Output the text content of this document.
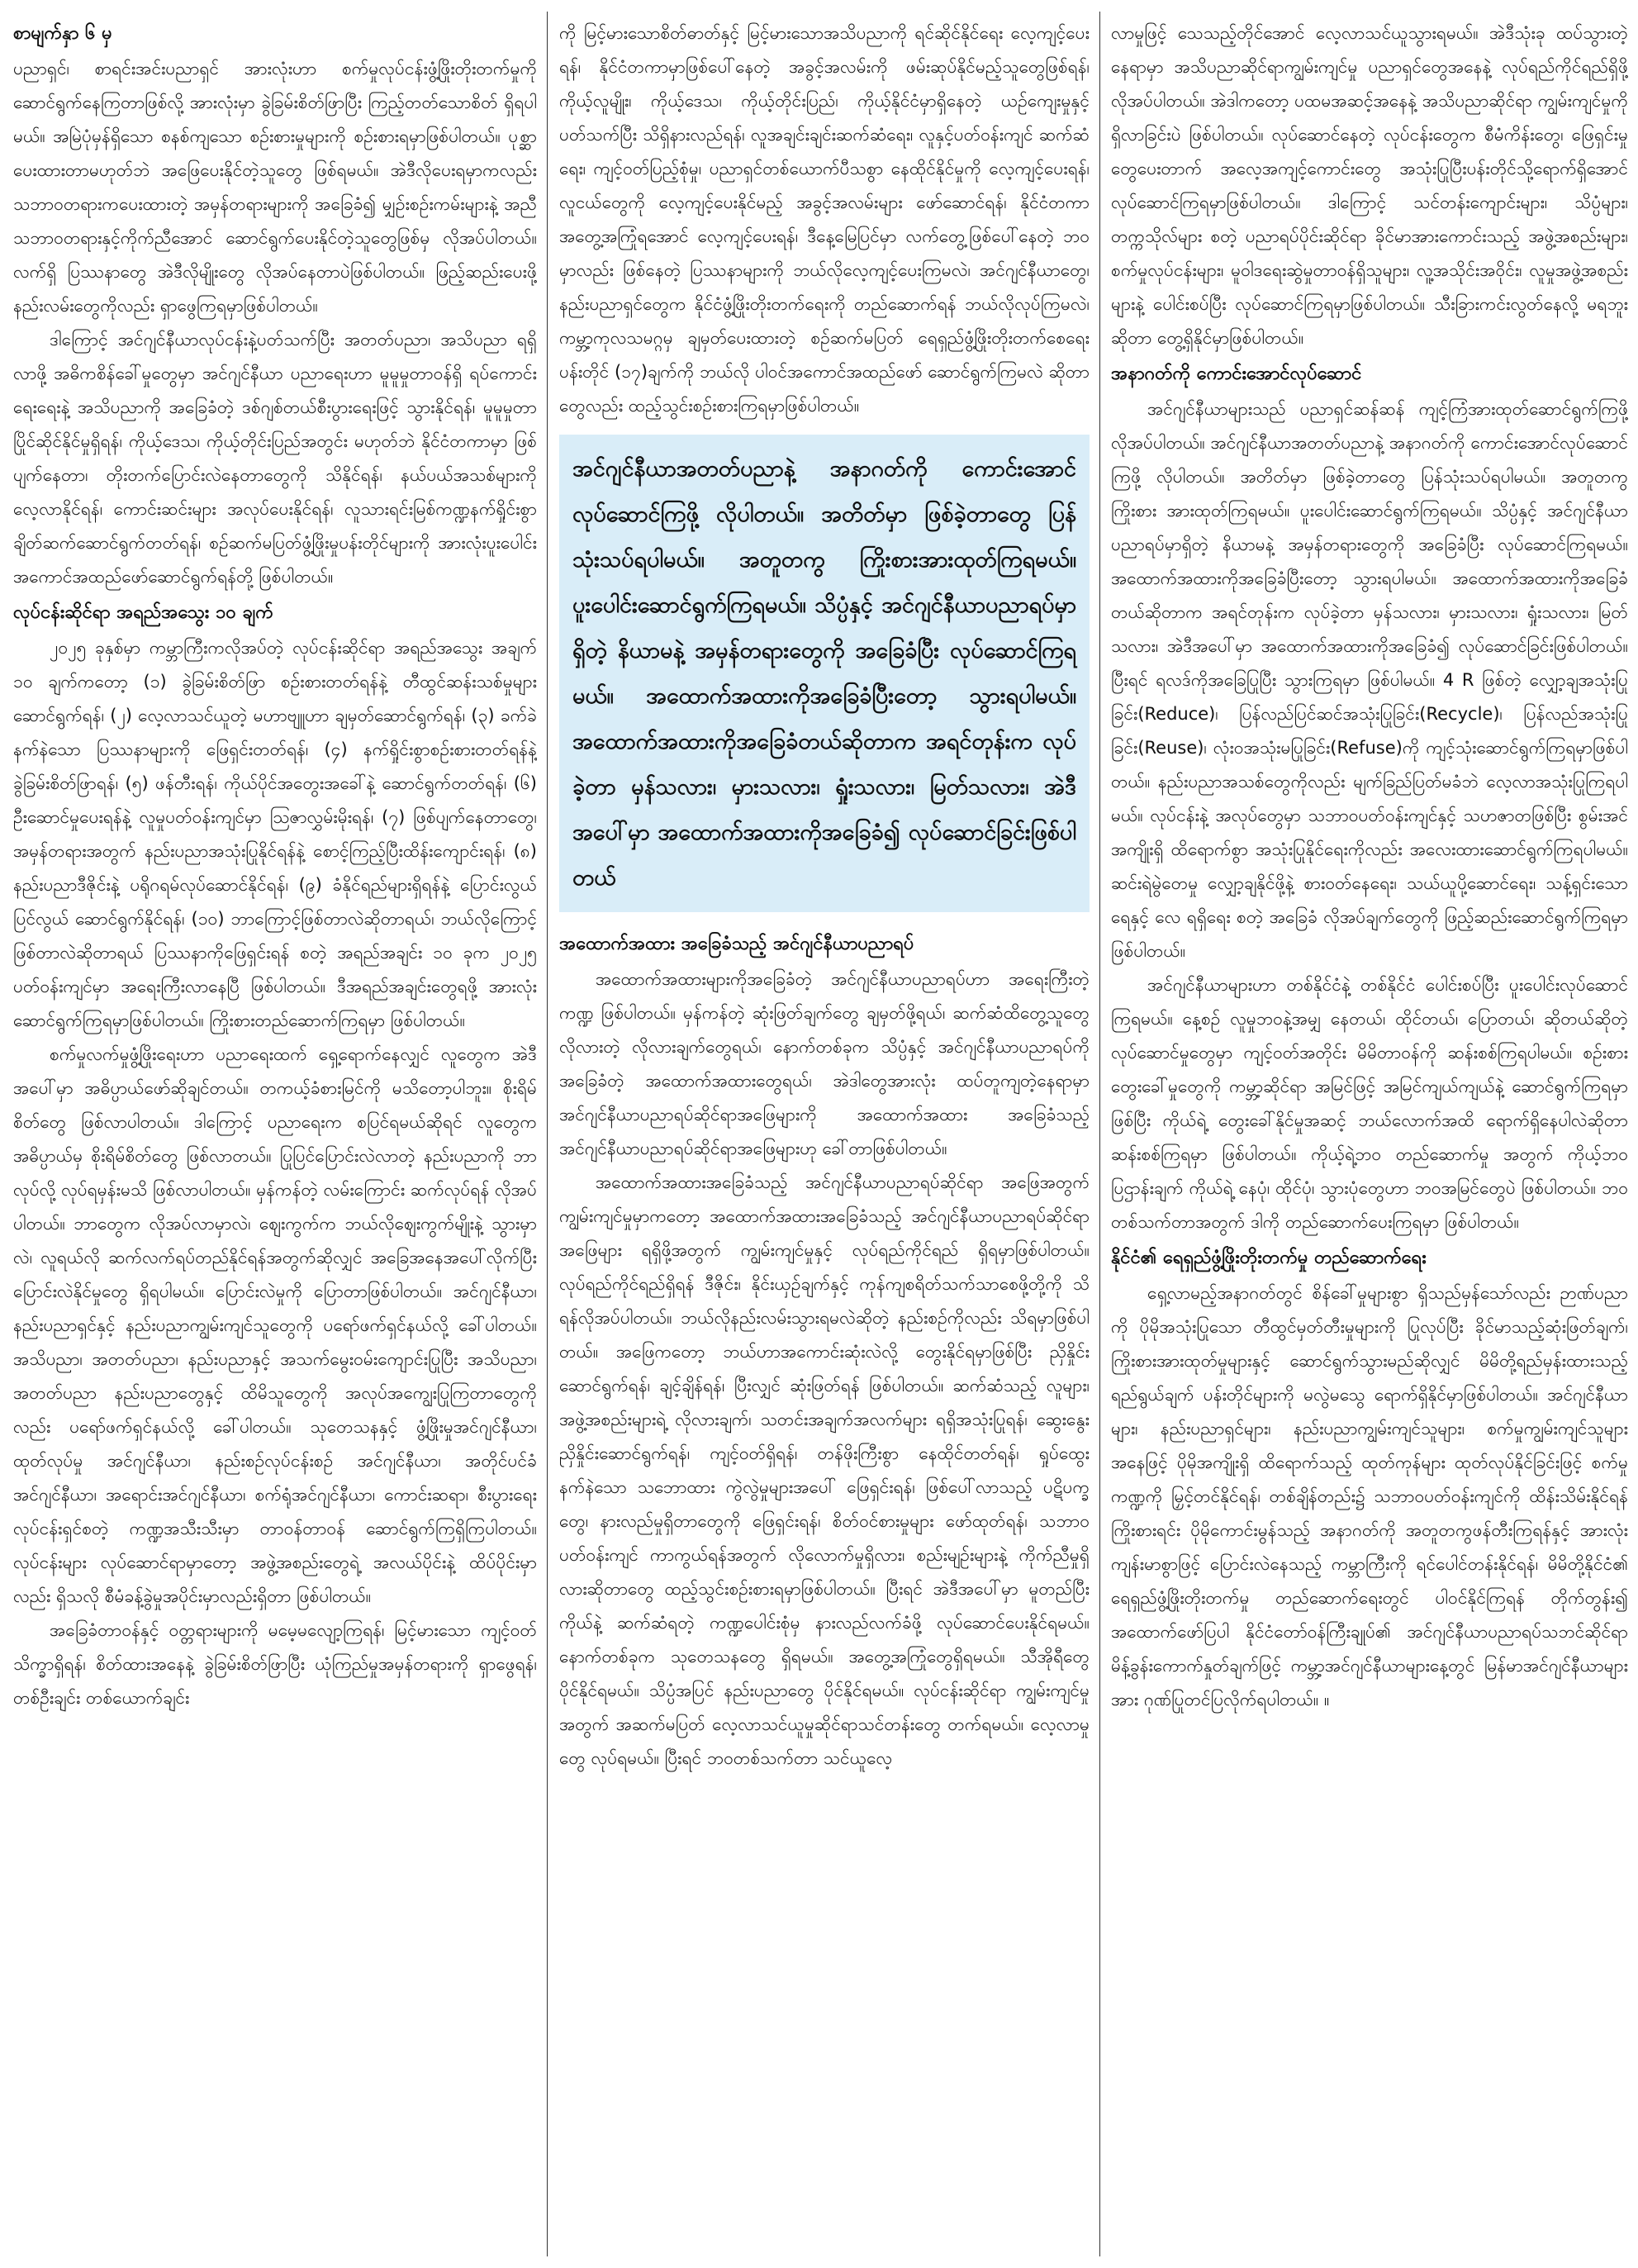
စာမျက်နှာ ၆ မှ

ပညာရှင်၊ စာရင်းအင်းပညာရှင် အားလုံးဟာ စက်မှုလုပ်ငန်းဖွံ့ဖြိုးတိုးတက်မှုကို ဆောင်ရွက်နေကြတာဖြစ်လို့ အားလုံးမှာ ခွဲခြမ်းစိတ်ဖြာပြီး ကြည့်တတ်သောစိတ် ရှိရပါမယ်။ အမြဲပုံမှန်ရှိသော စနစ်ကျသော စဉ်းစားမှုများကို စဉ်းစားရမှာဖြစ်ပါတယ်။ ပုစ္ဆာပေးထားတာမဟုတ်ဘဲ အဖြေပေးနိုင်တဲ့သူတွေ ဖြစ်ရမယ်။ အဲဒီလိုပေးရမှာကလည်း သဘာဝတရားကပေးထားတဲ့ အမှန်တရားများကို အခြေခံ၍ မျှဉ်းစဉ်းကမ်းများနဲ့ အညီ သဘာဝတရားနှင့်ကိုက်ညီအောင် ဆောင်ရွက်ပေးနိုင်တဲ့သူတွေဖြစ်မှ လိုအပ်ပါတယ်။ လက်ရှိ ပြဿနာတွေ အဲဒီလိုမျိုးတွေ လိုအပ်နေတာပဲဖြစ်ပါတယ်။ ဖြည့်ဆည်းပေးဖို့ နည်းလမ်းတွေကိုလည်း ရှာဖွေကြရမှာဖြစ်ပါတယ်။

ဒါကြောင့် အင်ဂျင်နီယာလုပ်ငန်းနဲ့ပတ်သက်ပြီး အတတ်ပညာ၊ အသိပညာ ရရှိလာဖို့ အဓိကစိန်ခေါ်မှုတွေမှာ အင်ဂျင်နီယာ ပညာရေးဟာ မူမူမှုတာဝန်ရှိ ရပ်ကောင်းရေးရေးနဲ့ အသိပညာကို အခြေခံတဲ့ ဒစ်ဂျစ်တယ်စီးပွားရေးဖြင့် သွားနိုင်ရန်၊ မူမူမှုတာ ပြိုင်ဆိုင်နိုင်မှုရှိရန်၊ ကိုယ့်ဒေသ၊ ကိုယ့်တိုင်းပြည်အတွင်း မဟုတ်ဘဲ နိုင်ငံတကာမှာ ဖြစ်ပျက်နေတာ၊ တိုးတက်ပြောင်းလဲနေတာတွေကို သိနိုင်ရန်၊ နယ်ပယ်အသစ်များကို လေ့လာနိုင်ရန်၊ ကောင်းဆင်းများ အလုပ်ပေးနိုင်ရန်၊ လူသားရင်းမြစ်ကဏ္ဍနက်ရှိုင်းစွာ ချိတ်ဆက်ဆောင်ရွက်တတ်ရန်၊ စဉ်ဆက်မပြတ်ဖွံ့ဖြိုးမှုပန်းတိုင်များကို အားလုံးပူးပေါင်း အကောင်အထည်ဖော်ဆောင်ရွက်ရန်တို့ ဖြစ်ပါတယ်။

လုပ်ငန်းဆိုင်ရာ အရည်အသွေး ၁၀ ချက်

၂၀၂၅ ခုနှစ်မှာ ကမ္ဘာကြီးကလိုအပ်တဲ့ လုပ်ငန်းဆိုင်ရာ အရည်အသွေး အချက် ၁၀ ချက်ကတော့ (၁) ခွဲခြမ်းစိတ်ဖြာ စဉ်းစားတတ်ရန်နဲ့ တီထွင်ဆန်းသစ်မှုများ ဆောင်ရွက်ရန်၊ (၂) လေ့လာသင်ယူတဲ့ မဟာဗျူဟာ ချမှတ်ဆောင်ရွက်ရန်၊ (၃) ခက်ခဲနက်နဲသော ပြဿနာများကို ဖြေရှင်းတတ်ရန်၊ (၄) နက်ရှိုင်းစွာစဉ်းစားတတ်ရန်နဲ့ ခွဲခြမ်းစိတ်ဖြာရန်၊ (၅) ဖန်တီးရန်၊ ကိုယ်ပိုင်အတွေးအခေါ်နဲ့ ဆောင်ရွက်တတ်ရန်၊ (၆) ဦးဆောင်မှုပေးရန်နဲ့ လူမှုပတ်ဝန်းကျင်မှာ သြဇာလွှမ်းမိုးရန်၊ (၇) ဖြစ်ပျက်နေတာတွေ၊ အမှန်တရားအတွက် နည်းပညာအသုံးပြုနိုင်ရန်နဲ့ စောင့်ကြည့်ပြီးထိန်းကျောင်းရန်၊ (၈) နည်းပညာဒီဇိုင်းနဲ့ ပရိုဂရမ်လုပ်ဆောင်နိုင်ရန်၊ (၉) ခံနိုင်ရည်များရှိရန်နဲ့ ပြောင်းလွယ်ပြင်လွယ် ဆောင်ရွက်နိုင်ရန်၊ (၁၀) ဘာကြောင့်ဖြစ်တာလဲဆိုတာရယ်၊ ဘယ်လိုကြောင့်ဖြစ်တာလဲဆိုတာရယ် ပြဿနာကိုဖြေရှင်းရန် စတဲ့ အရည်အချင်း ၁၀ ခုက ၂၀၂၅ ပတ်ဝန်းကျင်မှာ အရေးကြီးလာနေပြီ ဖြစ်ပါတယ်။ ဒီအရည်အချင်းတွေရဖို့ အားလုံး ဆောင်ရွက်ကြရမှာဖြစ်ပါတယ်။ ကြိုးစားတည်ဆောက်ကြရမှာ ဖြစ်ပါတယ်။

စက်မှုလက်မှုဖွံ့ဖြိုးရေးဟာ ပညာရေးထက် ရှေ့ရောက်နေလျှင် လူတွေက အဲဒီအပေါ်မှာ အဓိပ္ပာယ်ဖော်ဆိုချင်တယ်။ တကယ့်ခံစားမြင်ကို မသိတော့ပါဘူး။ စိုးရိမ်စိတ်တွေ ဖြစ်လာပါတယ်။ ဒါကြောင့် ပညာရေးက စပြင်ရမယ်ဆိုရင် လူတွေက အဓိပ္ပာယ်မှ စိုးရိမ်စိတ်တွေ ဖြစ်လာတယ်။ ပြုပြင်ပြောင်းလဲလာတဲ့ နည်းပညာကို ဘာလုပ်လို့ လုပ်ရမှန်းမသိ ဖြစ်လာပါတယ်။ မှန်ကန်တဲ့ လမ်းကြောင်း ဆက်လုပ်ရန် လိုအပ်ပါတယ်။ ဘာတွေက လိုအပ်လာမှာလဲ၊ ဈေးကွက်က ဘယ်လိုဈေးကွက်မျိုးနဲ့ သွားမှာလဲ၊ လူရယ်လို ဆက်လက်ရပ်တည်နိုင်ရန်အတွက်ဆိုလျှင် အခြေအနေအပေါ်လိုက်ပြီး ပြောင်းလဲနိုင်မှုတွေ ရှိရပါမယ်။ ပြောင်းလဲမှုကို ပြောတာဖြစ်ပါတယ်။ အင်ဂျင်နီယာ၊ နည်းပညာရှင်နှင့် နည်းပညာကျွမ်းကျင်သူတွေကို ပရော်ဖက်ရှင်နယ်လို့ ခေါ်ပါတယ်။ အသိပညာ၊ အတတ်ပညာ၊ နည်းပညာနှင့် အသက်မွေးဝမ်းကျောင်းပြုပြီး အသိပညာ၊ အတတ်ပညာ နည်းပညာတွေနှင့် ထိမိသူတွေကို အလုပ်အကျွေးပြုကြတာတွေကိုလည်း ပရော်ဖက်ရှင်နယ်လို့ ခေါ်ပါတယ်။ သုတေသနနှင့် ဖွံ့ဖြိုးမှုအင်ဂျင်နီယာ၊ ထုတ်လုပ်မှု အင်ဂျင်နီယာ၊ နည်းစဉ်လုပ်ငန်းစဉ် အင်ဂျင်နီယာ၊ အတိုင်ပင်ခံ အင်ဂျင်နီယာ၊ အရောင်းအင်ဂျင်နီယာ၊ စက်ရုံအင်ဂျင်နီယာ၊ ကောင်းဆရာ၊ စီးပွားရေးလုပ်ငန်းရှင်စတဲ့ ကဏ္ဍအသီးသီးမှာ တာဝန်တာဝန် ဆောင်ရွက်ကြရှိကြပါတယ်။ လုပ်ငန်းများ လုပ်ဆောင်ရာမှာတော့ အဖွဲ့အစည်းတွေရဲ့ အလယ်ပိုင်းနဲ့ ထိပ်ပိုင်းမှာလည်း ရှိသလို စီမံခန့်ခွဲမှုအပိုင်းမှာလည်းရှိတာ ဖြစ်ပါတယ်။

အခြေခံတာဝန်နှင့် ဝတ္တရားများကို မမေ့မလျော့ကြရန်၊ မြင့်မားသော ကျင့်ဝတ်သိက္ခာရှိရန်၊ စိတ်ထားအနေနဲ့ ခွဲခြမ်းစိတ်ဖြာပြီး ယုံကြည်မှုအမှန်တရားကို ရှာဖွေရန်၊ တစ်ဦးချင်း တစ်ယောက်ချင်း

ကို မြင့်မားသောစိတ်ဓာတ်နှင့် မြင့်မားသောအသိပညာကို ရင်ဆိုင်နိုင်ရေး လေ့ကျင့်ပေးရန်၊ နိုင်ငံတကာမှာဖြစ်ပေါ်နေတဲ့ အခွင့်အလမ်းကို ဖမ်းဆုပ်နိုင်မည့်သူတွေဖြစ်ရန်၊ ကိုယ့်လူမျိုး၊ ကိုယ့်ဒေသ၊ ကိုယ့်တိုင်းပြည်၊ ကိုယ့်နိုင်ငံမှာရှိနေတဲ့ ယဉ်ကျေးမှုနှင့် ပတ်သက်ပြီး သိရှိနားလည်ရန်၊ လူအချင်းချင်းဆက်ဆံရေး၊ လူနှင့်ပတ်ဝန်းကျင် ဆက်ဆံရေး၊ ကျင့်ဝတ်ပြည့်စုံမှု၊ ပညာရှင်တစ်ယောက်ပီသစွာ နေထိုင်နိုင်မှုကို လေ့ကျင့်ပေးရန်၊ လူငယ်တွေကို လေ့ကျင့်ပေးနိုင်မည့် အခွင့်အလမ်းများ ဖော်ဆောင်ရန်၊ နိုင်ငံတကာအတွေ့အကြုံရအောင် လေ့ကျင့်ပေးရန်၊ ဒီနေ့မြေပြင်မှာ လက်တွေ့ဖြစ်ပေါ်နေတဲ့ ဘဝမှာလည်း ဖြစ်နေတဲ့ ပြဿနာများကို ဘယ်လိုလေ့ကျင့်ပေးကြမလဲ၊ အင်ဂျင်နီယာတွေ၊ နည်းပညာရှင်တွေက နိုင်ငံဖွံ့ဖြိုးတိုးတက်ရေးကို တည်ဆောက်ရန် ဘယ်လိုလုပ်ကြမလဲ၊ ကမ္ဘာ့ကုလသမဂ္ဂမှ ချမှတ်ပေးထားတဲ့ စဉ်ဆက်မပြတ် ရေရှည်ဖွံ့ဖြိုးတိုးတက်စေရေးပန်းတိုင် (၁၇)ချက်ကို ဘယ်လို ပါဝင်အကောင်အထည်ဖော် ဆောင်ရွက်ကြမလဲ ဆိုတာတွေလည်း ထည့်သွင်းစဉ်းစားကြရမှာဖြစ်ပါတယ်။

အင်ဂျင်နီယာအတတ်ပညာနဲ့ အနာဂတ်ကို ကောင်းအောင် လုပ်ဆောင်ကြဖို့ လိုပါတယ်။ အတိတ်မှာ ဖြစ်ခဲ့တာတွေ ပြန်သုံးသပ်ရပါမယ်။ အတူတကွ ကြိုးစားအားထုတ်ကြရမယ်။ ပူးပေါင်းဆောင်ရွက်ကြရမယ်။ သိပ္ပံနှင့် အင်ဂျင်နီယာပညာရပ်မှာရှိတဲ့ နိယာမနဲ့ အမှန်တရားတွေကို အခြေခံပြီး လုပ်ဆောင်ကြရမယ်။ အထောက်အထားကိုအခြေခံပြီးတော့ သွားရပါမယ်။ အထောက်အထားကိုအခြေခံတယ်ဆိုတာက အရင်တုန်းက လုပ်ခဲ့တာ မှန်သလား၊ မှားသလား၊ ရှုံးသလား၊ မြတ်သလား၊ အဲဒီအပေါ်မှာ အထောက်အထားကိုအခြေခံ၍ လုပ်ဆောင်ခြင်းဖြစ်ပါတယ်

အထောက်အထား အခြေခံသည့် အင်ဂျင်နီယာပညာရပ်

အထောက်အထားများကိုအခြေခံတဲ့ အင်ဂျင်နီယာပညာရပ်ဟာ အရေးကြီးတဲ့ကဏ္ဍ ဖြစ်ပါတယ်။ မှန်ကန်တဲ့ ဆုံးဖြတ်ချက်တွေ ချမှတ်ဖို့ရယ်၊ ဆက်ဆံထိတွေ့သူတွေ လိုလားတဲ့ လိုလားချက်တွေရယ်၊ နောက်တစ်ခုက သိပ္ပံနှင့် အင်ဂျင်နီယာပညာရပ်ကို အခြေခံတဲ့ အထောက်အထားတွေရယ်၊ အဲဒါတွေအားလုံး ထပ်တူကျတဲ့နေရာမှာ အင်ဂျင်နီယာပညာရပ်ဆိုင်ရာအဖြေများကို အထောက်အထား အခြေခံသည့် အင်ဂျင်နီယာပညာရပ်ဆိုင်ရာအဖြေများဟု ခေါ်တာဖြစ်ပါတယ်။

အထောက်အထားအခြေခံသည့် အင်ဂျင်နီယာပညာရပ်ဆိုင်ရာ အဖြေအတွက် ကျွမ်းကျင်မှုမှာကတော့ အထောက်အထားအခြေခံသည့် အင်ဂျင်နီယာပညာရပ်ဆိုင်ရာ အဖြေများ ရရှိဖို့အတွက် ကျွမ်းကျင်မှုနှင့် လုပ်ရည်ကိုင်ရည် ရှိရမှာဖြစ်ပါတယ်။ လုပ်ရည်ကိုင်ရည်ရှိရန် ဒီဇိုင်း၊ နိုင်းယှဉ်ချက်နှင့် ကုန်ကျစရိတ်သက်သာစေဖို့တို့ကို သိရန်လိုအပ်ပါတယ်။ ဘယ်လိုနည်းလမ်းသွားရမလဲဆိုတဲ့ နည်းစဉ်ကိုလည်း သိရမှာဖြစ်ပါတယ်။ အဖြေကတော့ ဘယ်ဟာအကောင်းဆုံးလဲလို့ တွေးနိုင်ရမှာဖြစ်ပြီး ညှိနှိုင်းဆောင်ရွက်ရန်၊ ချင့်ချိန်ရန်၊ ပြီးလျှင် ဆုံးဖြတ်ရန် ဖြစ်ပါတယ်။ ဆက်ဆံသည့် လူများ၊ အဖွဲ့အစည်းများရဲ့ လိုလားချက်၊ သတင်းအချက်အလက်များ ရရှိအသုံးပြုရန်၊ ဆွေးနွေးညှိနှိုင်းဆောင်ရွက်ရန်၊ ကျင့်ဝတ်ရှိရန်၊ တန်ဖိုးကြီးစွာ နေထိုင်တတ်ရန်၊ ရှုပ်ထွေးနက်နဲသော သဘောထား ကွဲလွဲမှုများအပေါ် ဖြေရှင်းရန်၊ ဖြစ်ပေါ်လာသည့် ပဋိပက္ခတွေ၊ နားလည်မှုရှိတာတွေကို ဖြေရှင်းရန်၊ စိတ်ဝင်စားမှုများ ဖော်ထုတ်ရန်၊ သဘာဝပတ်ဝန်းကျင် ကာကွယ်ရန်အတွက် လိုလောက်မှုရှိလား၊ စည်းမျဉ်းများနဲ့ ကိုက်ညီမှုရှိလားဆိုတာတွေ ထည့်သွင်းစဉ်းစားရမှာဖြစ်ပါတယ်။ ပြီးရင် အဲဒီအပေါ်မှာ မူတည်ပြီး ကိုယ်နဲ့ ဆက်ဆံရတဲ့ ကဏ္ဍပေါင်းစုံမှ နားလည်လက်ခံဖို့ လုပ်ဆောင်ပေးနိုင်ရမယ်။ နောက်တစ်ခုက သုတေသနတွေ ရှိရမယ်။ အတွေ့အကြုံတွေရှိရမယ်။ သီအိုရီတွေ ပိုင်နိုင်ရမယ်။ သိပ္ပံအပြင် နည်းပညာတွေ ပိုင်နိုင်ရမယ်။ လုပ်ငန်းဆိုင်ရာ ကျွမ်းကျင်မှုအတွက် အဆက်မပြတ် လေ့လာသင်ယူမှုဆိုင်ရာသင်တန်းတွေ တက်ရမယ်။ လေ့လာမှုတွေ လုပ်ရမယ်။ ပြီးရင် ဘဝတစ်သက်တာ သင်ယူလေ့

လာမှုဖြင့် သေသည့်တိုင်အောင် လေ့လာသင်ယူသွားရမယ်။ အဲဒီသုံးခု ထပ်သွားတဲ့နေရာမှာ အသိပညာဆိုင်ရာကျွမ်းကျင်မှု ပညာရှင်တွေအနေနဲ့ လုပ်ရည်ကိုင်ရည်ရှိဖို့ လိုအပ်ပါတယ်။ အဲဒါကတော့ ပထမအဆင့်အနေနဲ့ အသိပညာဆိုင်ရာ ကျွမ်းကျင်မှုကို ရှိလာခြင်းပဲ ဖြစ်ပါတယ်။ လုပ်ဆောင်နေတဲ့ လုပ်ငန်းတွေက စီမံကိန်းတွေ၊ ဖြေရှင်းမှုတွေပေးတာက် အလေ့အကျင့်ကောင်းတွေ အသုံးပြုပြီးပန်းတိုင်သို့ရောက်ရှိအောင် လုပ်ဆောင်ကြရမှာဖြစ်ပါတယ်။ ဒါကြောင့် သင်တန်းကျောင်းများ၊ သိပ္ပံများ၊ တက္ကသိုလ်များ စတဲ့ ပညာရပ်ပိုင်းဆိုင်ရာ ခိုင်မာအားကောင်းသည့် အဖွဲ့အစည်းများ၊ စက်မှုလုပ်ငန်းများ၊ မူဝါဒရေးဆွဲမှုတာဝန်ရှိသူများ၊ လူ့အသိုင်းအဝိုင်း၊ လူမှုအဖွဲ့အစည်းများနဲ့ ပေါင်းစပ်ပြီး လုပ်ဆောင်ကြရမှာဖြစ်ပါတယ်။ သီးခြားကင်းလွတ်နေလို့ မရဘူးဆိုတာ တွေ့ရှိနိုင်မှာဖြစ်ပါတယ်။

အနာဂတ်ကို ကောင်းအောင်လုပ်ဆောင်

အင်ဂျင်နီယာများသည် ပညာရှင်ဆန်ဆန် ကျင့်ကြံအားထုတ်ဆောင်ရွက်ကြဖို့ လိုအပ်ပါတယ်။ အင်ဂျင်နီယာအတတ်ပညာနဲ့ အနာဂတ်ကို ကောင်းအောင်လုပ်ဆောင်ကြဖို့ လိုပါတယ်။ အတိတ်မှာ ဖြစ်ခဲ့တာတွေ ပြန်သုံးသပ်ရပါမယ်။ အတူတကွ ကြိုးစား အားထုတ်ကြရမယ်။ ပူးပေါင်းဆောင်ရွက်ကြရမယ်။ သိပ္ပံနှင့် အင်ဂျင်နီယာ ပညာရပ်မှာရှိတဲ့ နိယာမနဲ့ အမှန်တရားတွေကို အခြေခံပြီး လုပ်ဆောင်ကြရမယ်။ အထောက်အထားကိုအခြေခံပြီးတော့ သွားရပါမယ်။ အထောက်အထားကိုအခြေခံတယ်ဆိုတာက အရင်တုန်းက လုပ်ခဲ့တာ မှန်သလား၊ မှားသလား၊ ရှုံးသလား၊ မြတ်သလား၊ အဲဒီအပေါ်မှာ အထောက်အထားကိုအခြေခံ၍ လုပ်ဆောင်ခြင်းဖြစ်ပါတယ်။ ပြီးရင် ရလဒ်ကိုအခြေပြုပြီး သွားကြရမှာ ဖြစ်ပါမယ်။ 4 R ဖြစ်တဲ့ လျှော့ချအသုံးပြုခြင်း(Reduce)၊ ပြန်လည်ပြင်ဆင်အသုံးပြုခြင်း(Recycle)၊ ပြန်လည်အသုံးပြုခြင်း(Reuse)၊ လုံးဝအသုံးမပြုခြင်း(Refuse)ကို ကျင့်သုံးဆောင်ရွက်ကြရမှာဖြစ်ပါတယ်။ နည်းပညာအသစ်တွေကိုလည်း မျက်ခြည်ပြတ်မခံဘဲ လေ့လာအသုံးပြုကြရပါမယ်။ လုပ်ငန်းနဲ့ အလုပ်တွေမှာ သဘာဝပတ်ဝန်းကျင်နှင့် သဟဇာတဖြစ်ပြီး စွမ်းအင်အကျိုးရှိ ထိရောက်စွာ အသုံးပြုနိုင်ရေးကိုလည်း အလေးထားဆောင်ရွက်ကြရပါမယ်။ ဆင်းရဲမွဲတေမှု လျှော့ချနိုင်ဖို့နဲ့ စားဝတ်နေရေး၊ သယ်ယူပို့ဆောင်ရေး၊ သန့်ရှင်းသော ရေနှင့် လေ ရရှိရေး စတဲ့ အခြေခံ လိုအပ်ချက်တွေကို ဖြည့်ဆည်းဆောင်ရွက်ကြရမှာ ဖြစ်ပါတယ်။

အင်ဂျင်နီယာများဟာ တစ်နိုင်ငံနဲ့ တစ်နိုင်ငံ ပေါင်းစပ်ပြီး ပူးပေါင်းလုပ်ဆောင်ကြရမယ်။ နေ့စဉ် လူမှုဘဝနဲ့အမျှ နေတယ်၊ ထိုင်တယ်၊ ပြောတယ်၊ ဆိုတယ်ဆိုတဲ့ လုပ်ဆောင်မှုတွေမှာ ကျင့်ဝတ်အတိုင်း မိမိတာဝန်ကို ဆန်းစစ်ကြရပါမယ်။ စဉ်းစားတွေးခေါ်မှုတွေကို ကမ္ဘာ့ဆိုင်ရာ အမြင်ဖြင့် အမြင်ကျယ်ကျယ်နဲ့ ဆောင်ရွက်ကြရမှာဖြစ်ပြီး ကိုယ်ရဲ့ တွေးခေါ်နိုင်မှုအဆင့် ဘယ်လောက်အထိ ရောက်ရှိနေပါလဲဆိုတာ ဆန်းစစ်ကြရမှာ ဖြစ်ပါတယ်။ ကိုယ့်ရဲ့ဘဝ တည်ဆောက်မှု အတွက် ကိုယ့်ဘဝပြဌာန်းချက် ကိုယ်ရဲ့ နေပုံ၊ ထိုင်ပုံ၊ သွားပုံတွေဟာ ဘဝအမြင်တွေပဲ ဖြစ်ပါတယ်။ ဘဝတစ်သက်တာအတွက် ဒါကို တည်ဆောက်ပေးကြရမှာ ဖြစ်ပါတယ်။

နိုင်ငံ၏ ရေရှည်ဖွံ့ဖြိုးတိုးတက်မှု တည်ဆောက်ရေး

ရှေ့လာမည့်အနာဂတ်တွင် စိန်ခေါ်မှုများစွာ ရှိသည်မှန်သော်လည်း ဉာဏ်ပညာကို ပိုမိုအသုံးပြုသော တီထွင်မှတ်တီးမှုများကို ပြုလုပ်ပြီး ခိုင်မာသည့်ဆုံးဖြတ်ချက်၊ ကြိုးစားအားထုတ်မှုများနှင့် ဆောင်ရွက်သွားမည်ဆိုလျှင် မိမိတို့ရည်မှန်းထားသည့် ရည်ရွယ်ချက် ပန်းတိုင်များကို မလွဲမသွေ ရောက်ရှိနိုင်မှာဖြစ်ပါတယ်။ အင်ဂျင်နီယာများ၊ နည်းပညာရှင်များ၊ နည်းပညာကျွမ်းကျင်သူများ၊ စက်မှုကျွမ်းကျင်သူများအနေဖြင့် ပိုမိုအကျိုးရှိ ထိရောက်သည့် ထုတ်ကုန်များ ထုတ်လုပ်နိုင်ခြင်းဖြင့် စက်မှုကဏ္ဍကို မြှင့်တင်နိုင်ရန်၊ တစ်ချိန်တည်း၌ သဘာဝပတ်ဝန်းကျင်ကို ထိန်းသိမ်းနိုင်ရန် ကြိုးစားရင်း ပိုမိုကောင်းမွန်သည့် အနာဂတ်ကို အတူတကွဖန်တီးကြရန်နှင့် အားလုံးကျန်းမာစွာဖြင့် ပြောင်းလဲနေသည့် ကမ္ဘာကြီးကို ရင်ပေါင်တန်းနိုင်ရန်၊ မိမိတို့နိုင်ငံ၏ ရေရှည်ဖွံ့ဖြိုးတိုးတက်မှု တည်ဆောက်ရေးတွင် ပါဝင်နိုင်ကြရန် တိုက်တွန်း၍ အထောက်ဖော်ပြပါ နိုင်ငံတော်ဝန်ကြီးချုပ်၏ အင်ဂျင်နီယာပညာရပ်သဘင်ဆိုင်ရာ မိန့်ခွန်းကောက်နှုတ်ချက်ဖြင့် ကမ္ဘာ့အင်ဂျင်နီယာများနေ့တွင် မြန်မာအင်ဂျင်နီယာများအား ဂုဏ်ပြုတင်ပြလိုက်ရပါတယ်။ ။
